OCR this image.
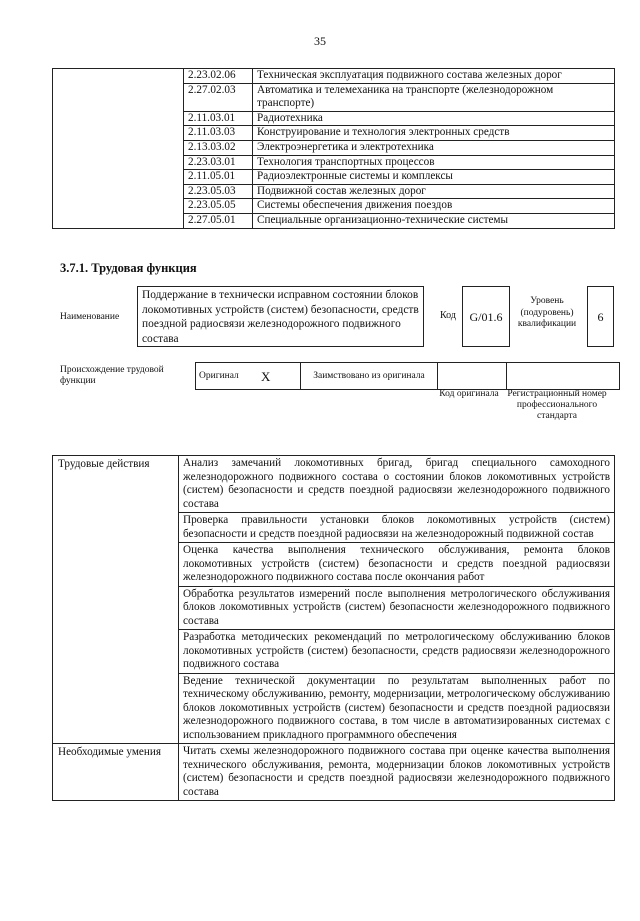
35
	2.23.02.06	Техническая эксплуатация подвижного состава железных дорог
	2.27.02.03	Автоматика и телемеханика на транспорте (железнодорожном транспорте)
	2.11.03.01	Радиотехника
	2.11.03.03	Конструирование и технология электронных средств
	2.13.03.02	Электроэнергетика и электротехника
	2.23.03.01	Технология транспортных процессов
	2.11.05.01	Радиоэлектронные системы и комплексы
	2.23.05.03	Подвижной состав железных дорог
	2.23.05.05	Системы обеспечения движения поездов
	2.27.05.01	Специальные организационно-технические системы
3.7.1. Трудовая функция
Наименование
Поддержание в технически исправном состоянии блоков локомотивных устройств (систем) безопасности, средств поездной радиосвязи железнодорожного подвижного состава
Код	G/01.6
Уровень (подуровень) квалификации	6
Происхождение трудовой функции
Оригинал	X	Заимствовано из оригинала		
Код оригинала Регистрационный номер профессионального стандарта
Трудовые действия	Анализ замечаний локомотивных бригад, бригад специального самоходного железнодорожного подвижного состава о состоянии блоков локомотивных устройств (систем) безопасности и средств поездной радиосвязи железнодорожного подвижного состава
	Проверка правильности установки блоков локомотивных устройств (систем) безопасности и средств поездной радиосвязи на железнодорожный подвижной состав
	Оценка качества выполнения технического обслуживания, ремонта блоков локомотивных устройств (систем) безопасности и средств поездной радиосвязи железнодорожного подвижного состава после окончания работ
	Обработка результатов измерений после выполнения метрологического обслуживания блоков локомотивных устройств (систем) безопасности железнодорожного подвижного состава
	Разработка методических рекомендаций по метрологическому обслуживанию блоков локомотивных устройств (систем) безопасности, средств радиосвязи железнодорожного подвижного состава
	Ведение технической документации по результатам выполненных работ по техническому обслуживанию, ремонту, модернизации, метрологическому обслуживанию блоков локомотивных устройств (систем) безопасности и средств поездной радиосвязи железнодорожного подвижного состава, в том числе в автоматизированных системах с использованием прикладного программного обеспечения
Необходимые умения	Читать схемы железнодорожного подвижного состава при оценке качества выполнения технического обслуживания, ремонта, модернизации блоков локомотивных устройств (систем) безопасности и средств поездной радиосвязи железнодорожного подвижного состава
